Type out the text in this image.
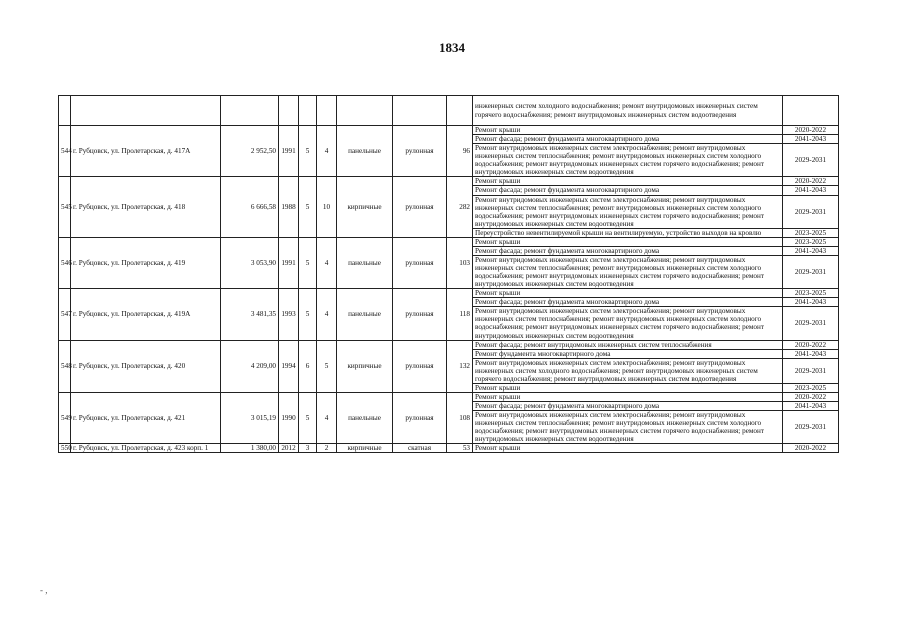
1834
									инженерных систем холодного водоснабжения; ремонт внутридомовых инженерных систем горячего водоснабжения; ремонт внутридомовых инженерных систем водоотведения	
544	г. Рубцовск, ул. Пролетарская, д. 417А	2 952,50	1991	5	4	панельные	рулонная	96	Ремонт крыши	2020-2022
									Ремонт фасада; ремонт фундамента многоквартирного дома	2041-2043
									Ремонт внутридомовых инженерных систем электроснабжения; ремонт внутридомовых инженерных систем теплоснабжения; ремонт внутридомовых инженерных систем холодного водоснабжения; ремонт внутридомовых инженерных систем горячего водоснабжения; ремонт внутридомовых инженерных систем водоотведения	2029-2031
545	г. Рубцовск, ул. Пролетарская, д. 418	6 666,58	1988	5	10	кирпичные	рулонная	282	Ремонт крыши	2020-2022
									Ремонт фасада; ремонт фундамента многоквартирного дома	2041-2043
									Ремонт внутридомовых инженерных систем электроснабжения; ремонт внутридомовых инженерных систем теплоснабжения; ремонт внутридомовых инженерных систем холодного водоснабжения; ремонт внутридомовых инженерных систем горячего водоснабжения; ремонт внутридомовых инженерных систем водоотведения	2029-2031
									Переустройство невентилируемой крыши на вентилируемую, устройство выходов на кровлю	2023-2025
546	г. Рубцовск, ул. Пролетарская, д. 419	3 053,90	1991	5	4	панельные	рулонная	103	Ремонт крыши	2023-2025
									Ремонт фасада; ремонт фундамента многоквартирного дома	2041-2043
									Ремонт внутридомовых инженерных систем электроснабжения; ремонт внутридомовых инженерных систем теплоснабжения; ремонт внутридомовых инженерных систем холодного водоснабжения; ремонт внутридомовых инженерных систем горячего водоснабжения; ремонт внутридомовых инженерных систем водоотведения	2029-2031
547	г. Рубцовск, ул. Пролетарская, д. 419А	3 481,35	1993	5	4	панельные	рулонная	118	Ремонт крыши	2023-2025
									Ремонт фасада; ремонт фундамента многоквартирного дома	2041-2043
									Ремонт внутридомовых инженерных систем электроснабжения; ремонт внутридомовых инженерных систем теплоснабжения; ремонт внутридомовых инженерных систем холодного водоснабжения; ремонт внутридомовых инженерных систем горячего водоснабжения; ремонт внутридомовых инженерных систем водоотведения	2029-2031
548	г. Рубцовск, ул. Пролетарская, д. 420	4 209,00	1994	6	5	кирпичные	рулонная	132	Ремонт фасада; ремонт внутридомовых инженерных систем теплоснабжения	2020-2022
									Ремонт фундамента многоквартирного дома	2041-2043
									Ремонт внутридомовых инженерных систем электроснабжения; ремонт внутридомовых инженерных систем холодного водоснабжения; ремонт внутридомовых инженерных систем горячего водоснабжения; ремонт внутридомовых инженерных систем водоотведения	2029-2031
									Ремонт крыши	2023-2025
549	г. Рубцовск, ул. Пролетарская, д. 421	3 015,19	1990	5	4	панельные	рулонная	108	Ремонт крыши	2020-2022
									Ремонт фасада; ремонт фундамента многоквартирного дома	2041-2043
									Ремонт внутридомовых инженерных систем электроснабжения; ремонт внутридомовых инженерных систем теплоснабжения; ремонт внутридомовых инженерных систем холодного водоснабжения; ремонт внутридомовых инженерных систем горячего водоснабжения; ремонт внутридомовых инженерных систем водоотведения	2029-2031
550	г. Рубцовск, ул. Пролетарская, д. 423 корп. 1	1 380,00	2012	3	2	кирпичные	скатная	53	Ремонт крыши	2020-2022
- ,
